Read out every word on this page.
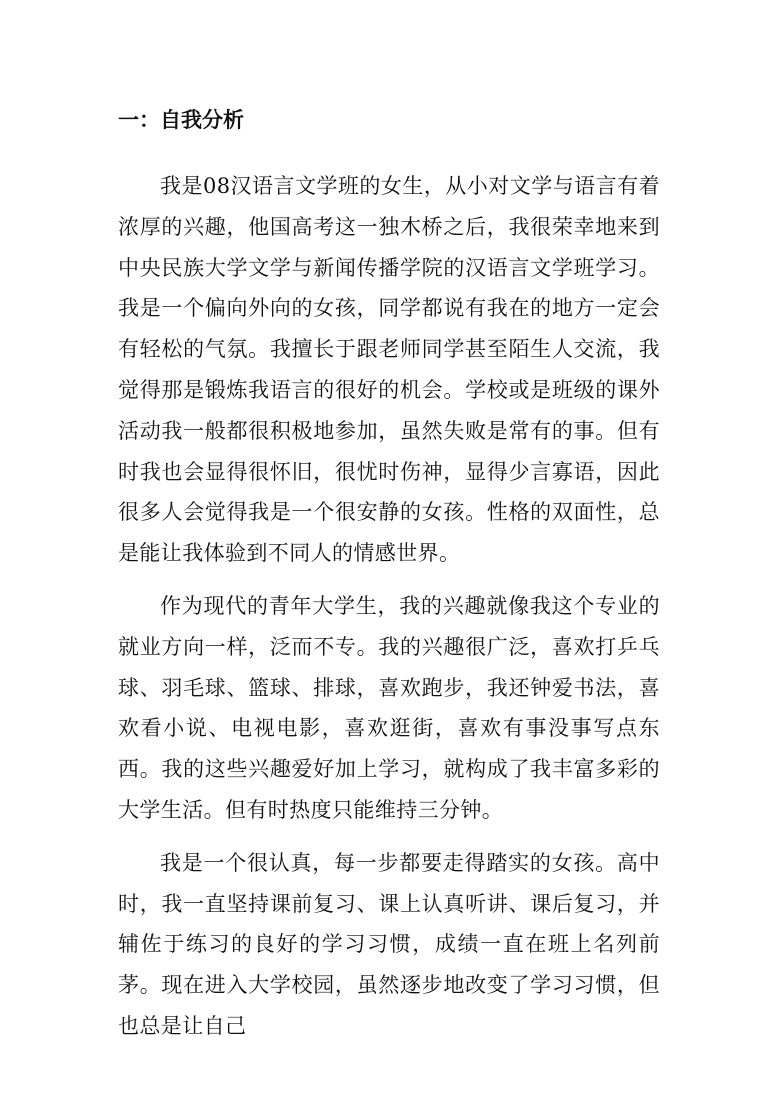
一：自我分析

我是08汉语言文学班的女生，从小对文学与语言有着浓厚的兴趣，他国高考这一独木桥之后，我很荣幸地来到中央民族大学文学与新闻传播学院的汉语言文学班学习。我是一个偏向外向的女孩，同学都说有我在的地方一定会有轻松的气氛。我擅长于跟老师同学甚至陌生人交流，我觉得那是锻炼我语言的很好的机会。学校或是班级的课外活动我一般都很积极地参加，虽然失败是常有的事。但有时我也会显得很怀旧，很忧时伤神，显得少言寡语，因此很多人会觉得我是一个很安静的女孩。性格的双面性，总是能让我体验到不同人的情感世界。

作为现代的青年大学生，我的兴趣就像我这个专业的就业方向一样，泛而不专。我的兴趣很广泛，喜欢打乒乓球、羽毛球、篮球、排球，喜欢跑步，我还钟爱书法，喜欢看小说、电视电影，喜欢逛街，喜欢有事没事写点东西。我的这些兴趣爱好加上学习，就构成了我丰富多彩的大学生活。但有时热度只能维持三分钟。

我是一个很认真，每一步都要走得踏实的女孩。高中时，我一直坚持课前复习、课上认真听讲、课后复习，并辅佐于练习的良好的学习习惯，成绩一直在班上名列前茅。现在进入大学校园，虽然逐步地改变了学习习惯，但也总是让自己
